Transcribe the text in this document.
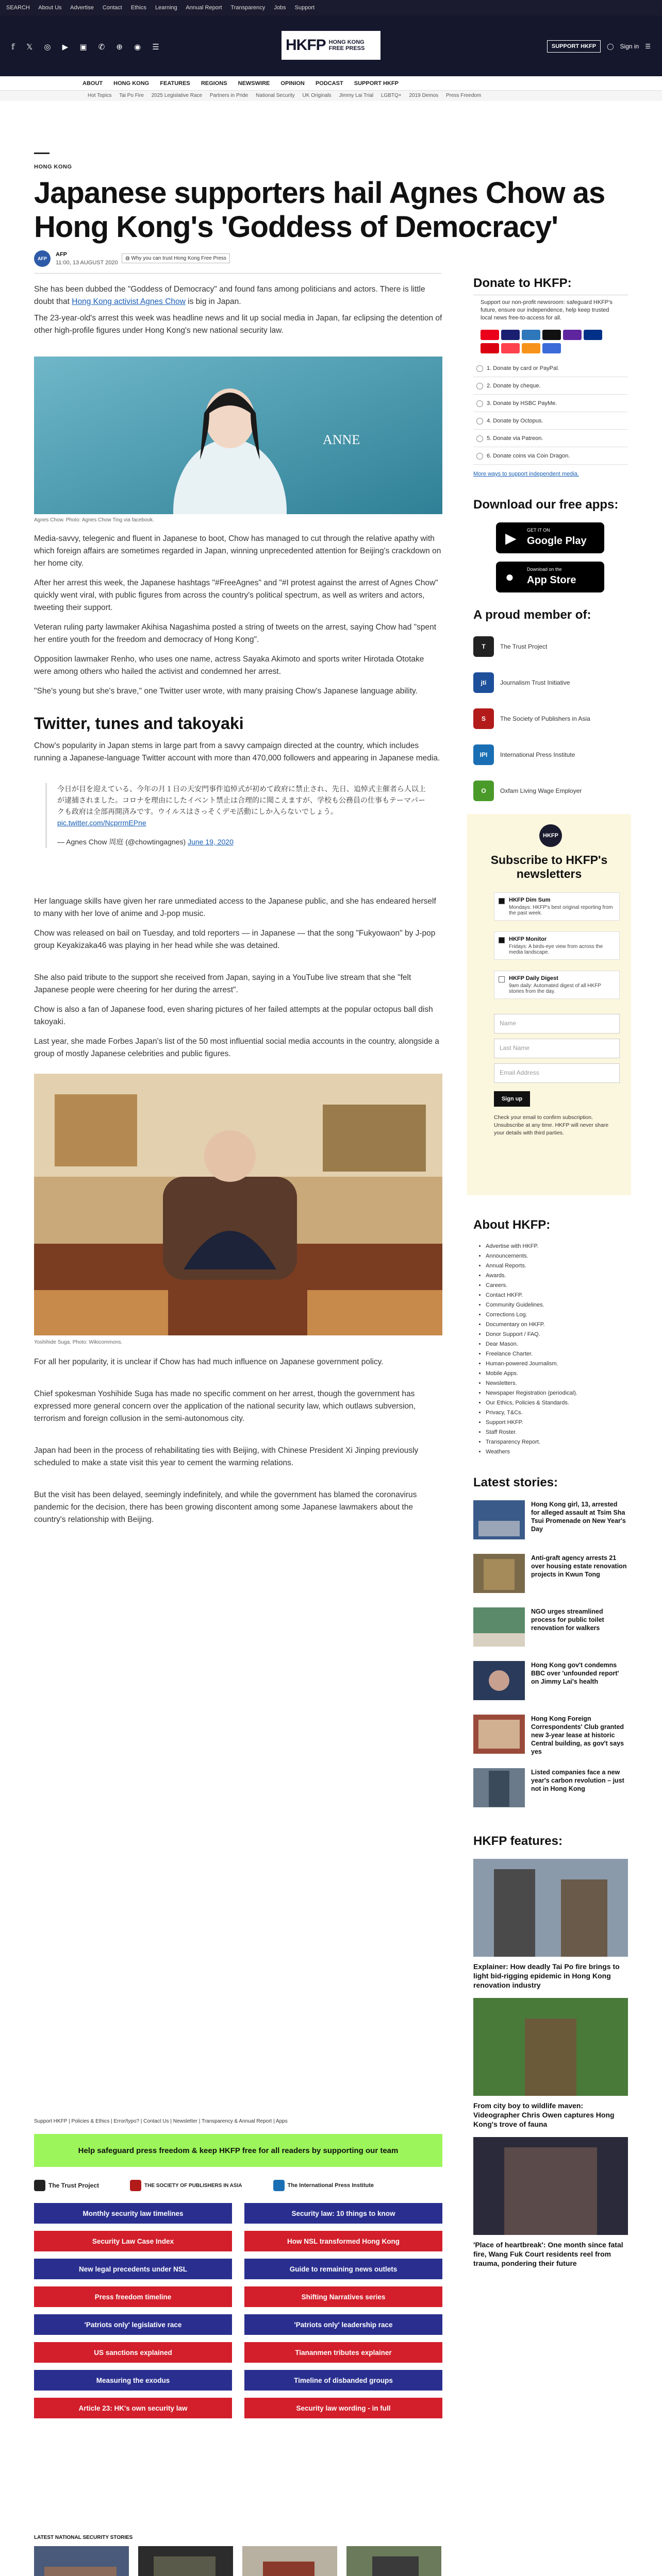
SEARCH About Us Advertise Contact Ethics Learning Annual Report Transparency Jobs Support
𝕗 𝕏 ◎ ▶ ▣ ✆ ⊕ ◉ ☰	HKFP HONG KONG
FREE PRESS	SUPPORT HKFP	◯ Sign in ☰
ABOUT HONG KONG FEATURES REGIONS NEWSWIRE OPINION PODCAST SUPPORT HKFP
Hot Topics Tai Po Fire 2025 Legislative Race Partners in Pride National Security UK Originals Jimmy Lai Trial LGBTQ+ 2019 Demos Press Freedom
HONG KONG
Japanese supporters hail Agnes Chow as Hong Kong's 'Goddess of Democracy'
AFP
AFP
11:00, 13 AUGUST 2020
◍ Why you can trust Hong Kong Free Press

She has been dubbed the "Goddess of Democracy" and found fans among politicians and actors. There is little doubt that Hong Kong activist Agnes Chow is big in Japan.

The 23-year-old's arrest this week was headline news and lit up social media in Japan, far eclipsing the detention of other high-profile figures under Hong Kong's new national security law.

ANNE
Agnes Chow. Photo: Agnes Chow Ting via facebook.

Media-savvy, telegenic and fluent in Japanese to boot, Chow has managed to cut through the relative apathy with which foreign affairs are sometimes regarded in Japan, winning unprecedented attention for Beijing's crackdown on her home city.

After her arrest this week, the Japanese hashtags "#FreeAgnes" and "#I protest against the arrest of Agnes Chow" quickly went viral, with public figures from across the country's political spectrum, as well as writers and actors, tweeting their support.

Veteran ruling party lawmaker Akihisa Nagashima posted a string of tweets on the arrest, saying Chow had "spent her entire youth for the freedom and democracy of Hong Kong".

Opposition lawmaker Renho, who uses one name, actress Sayaka Akimoto and sports writer Hirotada Ototake were among others who hailed the activist and condemned her arrest.

"She's young but she's brave," one Twitter user wrote, with many praising Chow's Japanese language ability.

Twitter, tunes and takoyaki

Chow's popularity in Japan stems in large part from a savvy campaign directed at the country, which includes running a Japanese-language Twitter account with more than 470,000 followers and appearing in Japanese media.

今日が目を迎えている、今年の月１日の天安門事件追悼式が初めて政府に禁止され、先日、追悼式主催者ら人以上が逮捕されました。コロナを理由にしたイベント禁止は合理的に聞こえますが、学校も公務員の仕事もテーマパークも政府は全部再開済みです。ウイルスはさっそくデモ活動にしか入らないでしょう。 pic.twitter.com/NcprrmEPne

— Agnes Chow 周庭 (@chowtingagnes) June 19, 2020

Her language skills have given her rare unmediated access to the Japanese public, and she has endeared herself to many with her love of anime and J-pop music.

Chow was released on bail on Tuesday, and told reporters — in Japanese — that the song "Fukyowaon" by J-pop group Keyakizaka46 was playing in her head while she was detained.

She also paid tribute to the support she received from Japan, saying in a YouTube live stream that she "felt Japanese people were cheering for her during the arrest".

Chow is also a fan of Japanese food, even sharing pictures of her failed attempts at the popular octopus ball dish takoyaki.

Last year, she made Forbes Japan's list of the 50 most influential social media accounts in the country, alongside a group of mostly Japanese celebrities and public figures.

Yoshihide Suga. Photo: Wikicommons.

For all her popularity, it is unclear if Chow has had much influence on Japanese government policy.

Chief spokesman Yoshihide Suga has made no specific comment on her arrest, though the government has expressed more general concern over the application of the national security law, which outlaws subversion, terrorism and foreign collusion in the semi-autonomous city.

Japan had been in the process of rehabilitating ties with Beijing, with Chinese President Xi Jinping previously scheduled to make a state visit this year to cement the warming relations.

But the visit has been delayed, seemingly indefinitely, and while the government has blamed the coronavirus pandemic for the decision, there has been growing discontent among some Japanese lawmakers about the country's relationship with Beijing.

Support HKFP | Policies & Ethics | Error/typo? | Contact Us | Newsletter | Transparency & Annual Report | Apps
Help safeguard press freedom & keep HKFP free for all readers by supporting our team
The Trust Project	THE SOCIETY OF PUBLISHERS IN ASIA	The International Press Institute
Monthly security law timelines	Security law: 10 things to know
Security Law Case Index	How NSL transformed Hong Kong
New legal precedents under NSL	Guide to remaining news outlets
Press freedom timeline	Shifting Narratives series
'Patriots only' legislative race	'Patriots only' leadership race
US sanctions explained	Tiananmen tributes explainer
Measuring the exodus	Timeline of disbanded groups
Article 23: HK's own security law	Security law wording - in full
LATEST NATIONAL SECURITY STORIES
Donate to HKFP:
Support our non-profit newsroom: safeguard HKFP's future, ensure our independence, help keep trusted local news free-to-access for all.
1. Donate by card or PayPal.
2. Donate by cheque.
3. Donate by HSBC PayMe.
4. Donate by Octopus.
5. Donate via Patreon.
6. Donate coins via Coin Dragon.
More ways to support independent media.
Download our free apps:
▶ GET IT ON
Google Play
●	Download on the
App Store
A proud member of:
T	The Trust Project
jti	Journalism Trust Initiative
S	The Society of Publishers in Asia
IPI	International Press Institute
O	Oxfam Living Wage Employer
HKFP
Subscribe to HKFP's newsletters
HKFP Dim Sum
Mondays: HKFP's best original reporting from the past week.
HKFP Monitor
Fridays: A birds-eye view from across the media landscape.
HKFP Daily Digest
9am daily: Automated digest of all HKFP stories from the day.
Name
Last Name
Email Address
Sign up
Check your email to confirm subscription. Unsubscribe at any time. HKFP will never share your details with third parties.
About HKFP:
• Advertise with HKFP.
• Announcements.
• Annual Reports.
• Awards.
• Careers.
• Contact HKFP.
• Community Guidelines.
• Corrections Log.
• Documentary on HKFP.
• Donor Support / FAQ.
• Dear Mason.
• Freelance Charter.
• Human-powered Journalism.
• Mobile Apps.
• Newsletters.
• Newspaper Registration (periodical).
• Our Ethics, Policies & Standards.
• Privacy, T&Cs.
• Support HKFP.
• Staff Roster.
• Transparency Report.
• Weathers
Latest stories:
Hong Kong girl, 13, arrested for alleged assault at Tsim Sha Tsui Promenade on New Year's Day
Anti-graft agency arrests 21 over housing estate renovation projects in Kwun Tong
NGO urges streamlined process for public toilet renovation for walkers
Hong Kong gov't condemns BBC over 'unfounded report' on Jimmy Lai's health
Hong Kong Foreign Correspondents' Club granted new 3-year lease at historic Central building, as gov't says yes
Listed companies face a new year's carbon revolution – just not in Hong Kong
HKFP features:
Explainer: How deadly Tai Po fire brings to light bid-rigging epidemic in Hong Kong renovation industry
From city boy to wildlife maven: Videographer Chris Owen captures Hong Kong's trove of fauna
'Place of heartbreak': One month since fatal fire, Wang Fuk Court residents reel from trauma, pondering their future
